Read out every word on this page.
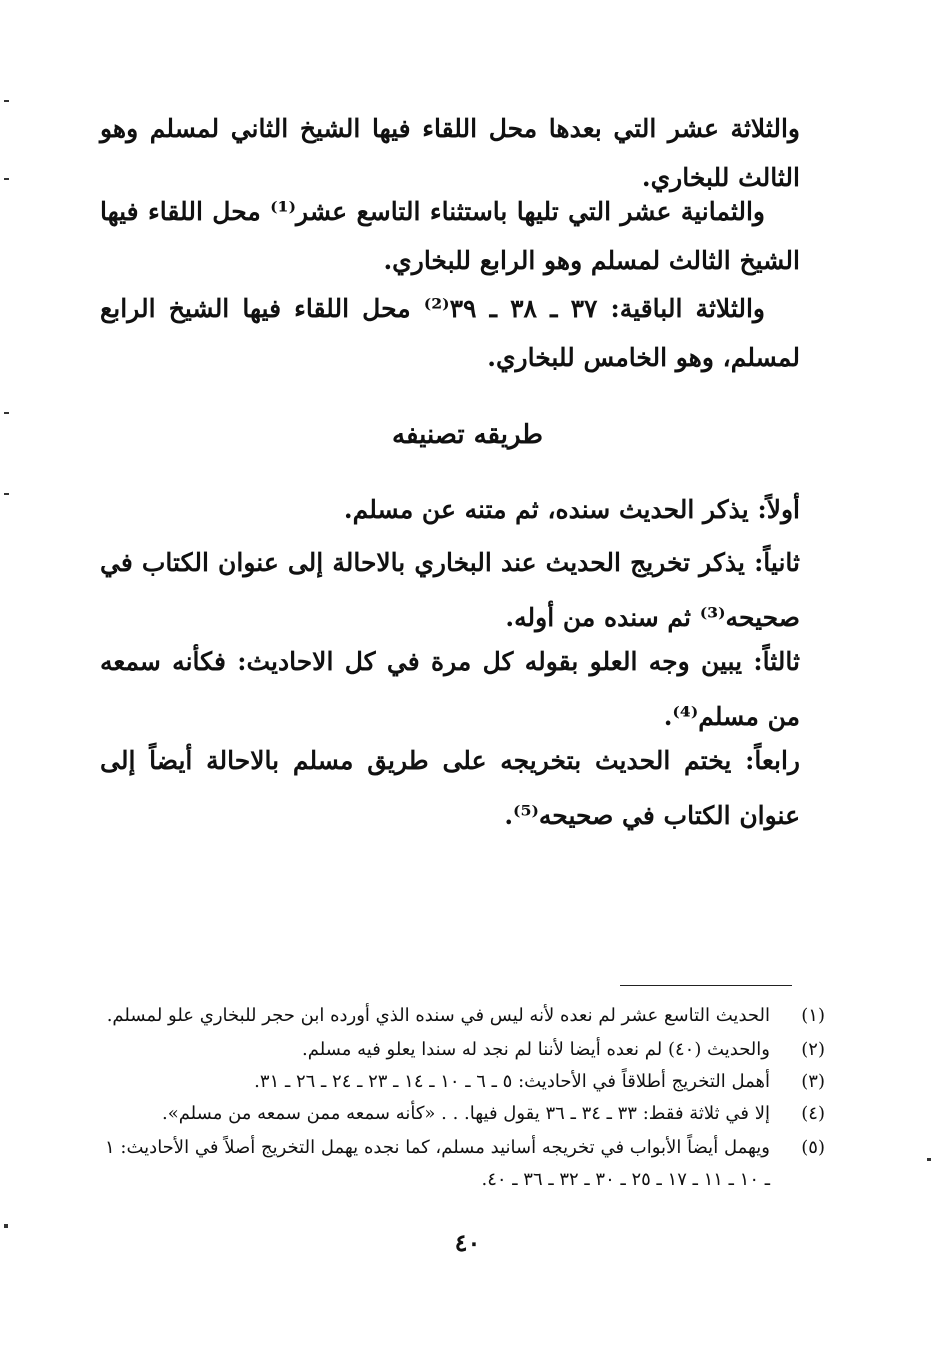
والثلاثة عشر التي بعدها محل اللقاء فيها الشيخ الثاني لمسلم وهو الثالث للبخاري.

والثمانية عشر التي تليها باستثناء التاسع عشر⁽¹⁾ محل اللقاء فيها الشيخ الثالث لمسلم وهو الرابع للبخاري.

والثلاثة الباقية: ٣٧ ـ ٣٨ ـ ٣٩⁽²⁾ محل اللقاء فيها الشيخ الرابع لمسلم، وهو الخامس للبخاري.

طريقه تصنيفه
أولاً: يذكر الحديث سنده، ثم متنه عن مسلم.
ثانياً: يذكر تخريج الحديث عند البخاري بالاحالة إلى عنوان الكتاب في صحيحه⁽³⁾ ثم سنده من أوله.
ثالثاً: يبين وجه العلو بقوله كل مرة في كل الاحاديث: فكأنه سمعه من مسلم⁽⁴⁾.
رابعاً: يختم الحديث بتخريجه على طريق مسلم بالاحالة أيضاً إلى عنوان الكتاب في صحيحه⁽⁵⁾.
(١)
الحديث التاسع عشر لم نعده لأنه ليس في سنده الذي أورده ابن حجر للبخاري علو لمسلم.
(٢)
والحديث (٤٠) لم نعده أيضا لأننا لم نجد له سندا يعلو فيه مسلم.
(٣)
أهمل التخريج أطلاقاً في الأحاديث: ٥ ـ ٦ ـ ١٠ ـ ١٤ ـ ٢٣ ـ ٢٤ ـ ٢٦ ـ ٣١.
(٤)
إلا في ثلاثة فقط: ٣٣ ـ ٣٤ ـ ٣٦ يقول فيها. . . «كأنه سمعه ممن سمعه من مسلم».
(٥)
ويهمل أيضاً الأبواب في تخريجه أسانيد مسلم، كما نجده يهمل التخريج أصلاً في الأحاديث: ١ ـ ١٠ ـ ١١ ـ ١٧ ـ ٢٥ ـ ٣٠ ـ ٣٢ ـ ٣٦ ـ ٤٠.
٤٠
